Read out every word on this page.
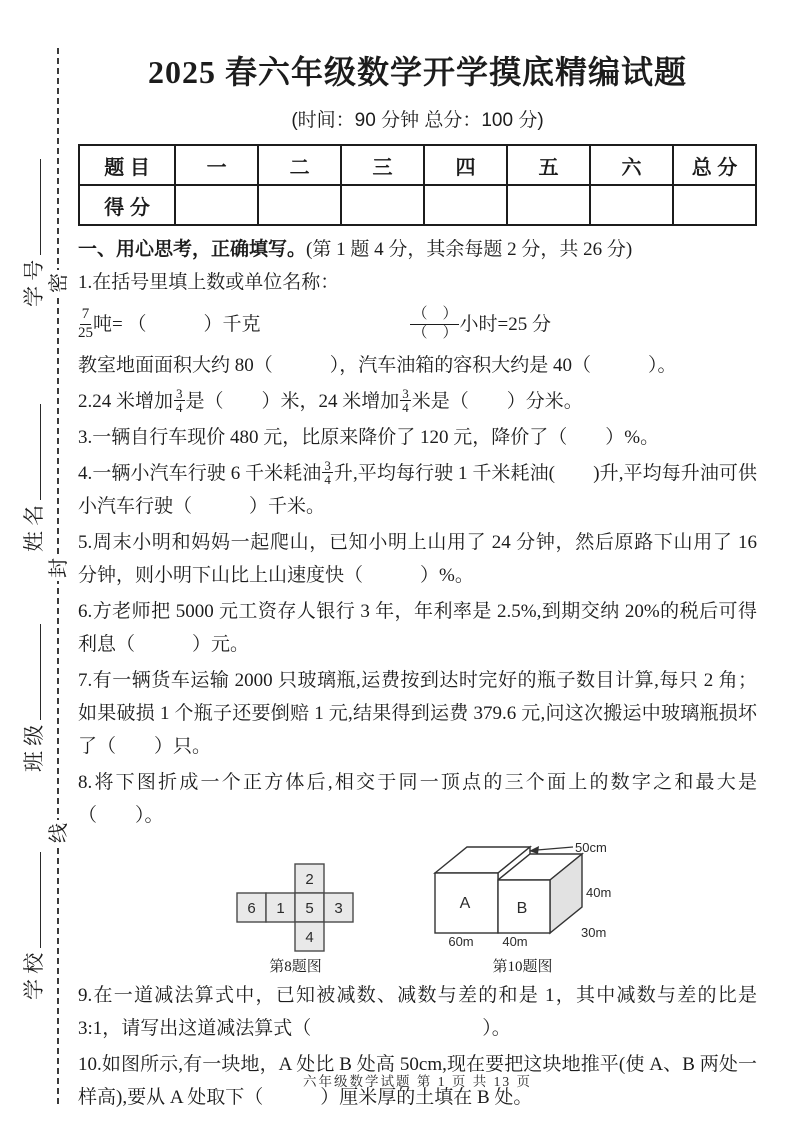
密
封
线
学 号
姓 名
班 级
学 校
2025 春六年级数学开学摸底精编试题
(时间：90 分钟 总分：100 分)
题 目	一	二	三	四	五	六	总 分
得 分							
一、用心思考，正确填写。(第 1 题 4 分，其余每题 2 分，共 26 分)
1.在括号里填上数或单位名称：
$\frac{7}{25}$ 吨= （　　　）千克	$\frac{( )}{( )}$ 小时=25 分
教室地面面积大约 80（　　　），汽车油箱的容积大约是 40（　　　）。
2.24 米增加 $\frac{3}{4}$ 是（　　）米，24 米增加 $\frac{3}{4}$ 米是（　　）分米。
3.一辆自行车现价 480 元，比原来降价了 120 元，降价了（　　）%。
4.一辆小汽车行驶 6 千米耗油 $\frac{3}{4}$ 升,平均每行驶 1 千米耗油(　　)升,平均每升油可供小汽车行驶（　　　）千米。
5.周末小明和妈妈一起爬山，已知小明上山用了 24 分钟，然后原路下山用了 16 分钟，则小明下山比上山速度快（　　　）%。
6.方老师把 5000 元工资存人银行 3 年，年利率是 2.5%,到期交纳 20%的税后可得利息（　　　）元。
7.有一辆货车运输 2000 只玻璃瓶,运费按到达时完好的瓶子数目计算,每只 2 角；如果破损 1 个瓶子还要倒赔 1 元,结果得到运费 379.6 元,问这次搬运中玻璃瓶损坏了（　　）只。
8.将下图折成一个正方体后,相交于同一顶点的三个面上的数字之和最大是 （　　）。
2
6 1 5 3
4
第8题图
50cm
40m
30m
60m 40m
A	B
第10题图
9.在一道减法算式中，已知被减数、减数与差的和是 1，其中减数与差的比是 3:1，请写出这道减法算式（　　　　　　　　　）。
10.如图所示,有一块地，A 处比 B 处高 50cm,现在要把这块地推平(使 A、B 两处一样高),要从 A 处取下（　　　）厘米厚的土填在 B 处。
六年级数学试题 第 1 页 共 13 页
